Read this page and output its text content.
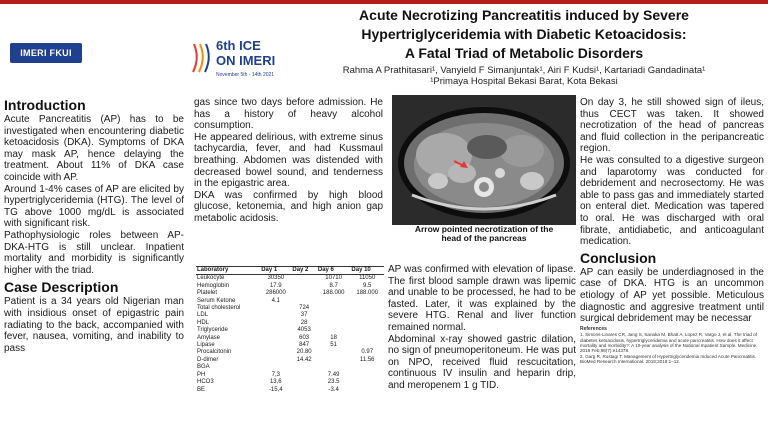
IMERI FKUI	6th ICE
ON IMERI
November 5th - 14th 2021
Acute Necrotizing Pancreatitis induced by Severe
Hypertriglyceridemia with Diabetic Ketoacidosis:
A Fatal Triad of Metabolic Disorders
Rahma A Prathitasari¹, Vanyield F Simanjuntak¹, Airi F Kudsi¹, Kartariadi Gandadinata¹
¹Primaya Hospital Bekasi Barat, Kota Bekasi
Introduction

Acute Pancreatitis (AP) has to be investigated when encountering diabetic ketoacidosis (DKA). Symptoms of DKA may mask AP, hence delaying the treatment. About 11% of DKA case coincide with AP.

Around 1-4% cases of AP are elicited by hypertriglyceridemia (HTG). The level of TG above 1000 mg/dL is associated with significant risk.

Pathophysiologic roles between AP-DKA-HTG is still unclear. Inpatient mortality and morbidity is significantly higher with the triad.

Case Description

Patient is a 34 years old Nigerian man with insidious onset of epigastric pain radiating to the back, accompanied with fever, nausea, vomiting, and inability to pass

gas since two days before admission. He has a history of heavy alcohol consumption.

He appeared delirious, with extreme sinus tachycardia, fever, and had Kussmaul breathing. Abdomen was distended with decreased bowel sound, and tenderness in the epigastric area.

DKA was confirmed by high blood glucose, ketonemia, and high anion gap metabolic acidosis.

Laboratory	Day 1	Day 2	Day 6	Day 10
Leukocyte	30350		10710	11050
Hemoglobin	17.9		8.7	9.5
Platelet	286000		188.000	188.000
Serum Ketone	4.1			
Total cholesterol		724		
LDL		37		
HDL		28		
Triglyceride		4053		
Amylase		603	18	
Lipase		847	51	
Procalcitonin		20.80		0.97
D-dimer		14.42		11.56
BGA				
PH	7,3		7.49	
HCO3	13,6		23.5	
BE	-15,4		-3.4	
Arrow pointed necrotization of the
head of the pancreas

AP was confirmed with elevation of lipase. The first blood sample drawn was lipemic and unable to be processed, he had to be fasted. Later, it was explained by the severe HTG. Renal and liver function remained normal.

Abdominal x-ray showed gastric dilation, no sign of pneumoperitoneum. He was put on NPO, received fluid rescucitation, continuous IV insulin and heparin drip, and meropenem 1 g TID.

On day 3, he still showed sign of ileus, thus CECT was taken. It showed necrotization of the head of pancreas and fluid collection in the peripancreatic region.

He was consulted to a digestive surgeon and laparotomy was conducted for debridement and necrosectomy. He was able to pass gas and immediately started on enteral diet. Medication was tapered to oral. He was discharged with oral fibrate, antidiabetic, and anticoagulant medication.

Conclusion

AP can easily be underdiagnosed in the case of DKA. HTG is an uncommon etiology of AP yet possible. Meticulous diagnostic and aggresive treatment until surgical debridement may be necessar

References
1. Simons-Linares CR, Jang S, Sanaka M, Bhatt A, Lopez R, Vargo J, et al. The triad of diabetes ketoacidosis, hypertriglyceridemia and acute pancreatitis. How does it affect mortality and morbidity?: A 10-year analysis of the National Inpatient Sample. Medicine. 2019 Feb;98(7):e14378.
2. Garg R, Rustagi T. Management of Hypertriglyceridemia Induced Acute Pancreatitis. BioMed Research International. 2018;2018:1–12.
